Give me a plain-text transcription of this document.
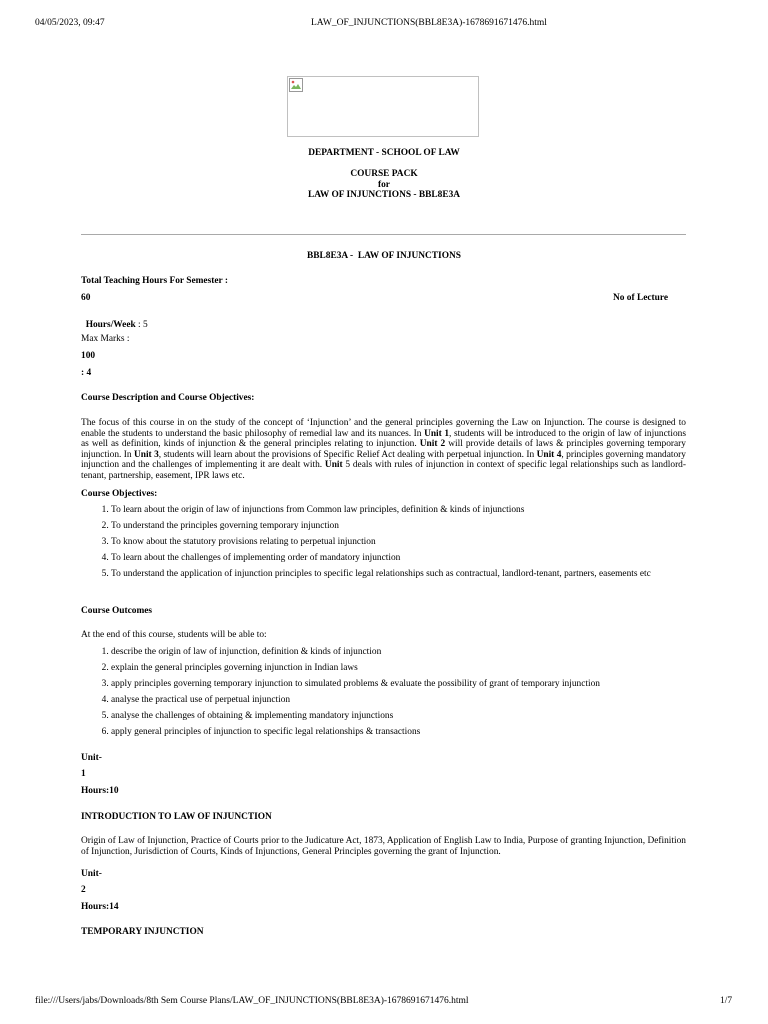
04/05/2023, 09:47	LAW_OF_INJUNCTIONS(BBL8E3A)-1678691671476.html
DEPARTMENT - SCHOOL OF LAW
COURSE PACK
for
LAW OF INJUNCTIONS - BBL8E3A
BBL8E3A -  LAW OF INJUNCTIONS
Total Teaching Hours For Semester :
60	No of Lecture

Hours/Week : 5

Max Marks :
100
: 4
Course Description and Course Objectives:
The focus of this course in on the study of the concept of ‘Injunction’ and the general principles governing the Law on Injunction. The course is designed to enable the students to understand the basic philosophy of remedial law and its nuances. In Unit 1, students will be introduced to the origin of law of injunctions as well as definition, kinds of injunction & the general principles relating to injunction. Unit 2 will provide details of laws & principles governing temporary injunction. In Unit 3, students will learn about the provisions of Specific Relief Act dealing with perpetual injunction. In Unit 4, principles governing mandatory injunction and the challenges of implementing it are dealt with. Unit 5 deals with rules of injunction in context of specific legal relationships such as landlord-tenant, partnership, easement, IPR laws etc.
Course Objectives:
1. To learn about the origin of law of injunctions from Common law principles, definition & kinds of injunctions
2. To understand the principles governing temporary injunction
3. To know about the statutory provisions relating to perpetual injunction
4. To learn about the challenges of implementing order of mandatory injunction
5. To understand the application of injunction principles to specific legal relationships such as contractual, landlord-tenant, partners, easements etc
Course Outcomes
At the end of this course, students will be able to:
1. describe the origin of law of injunction, definition & kinds of injunction
2. explain the general principles governing injunction in Indian laws
3. apply principles governing temporary injunction to simulated problems & evaluate the possibility of grant of temporary injunction
4. analyse the practical use of perpetual injunction
5. analyse the challenges of obtaining & implementing mandatory injunctions
6. apply general principles of injunction to specific legal relationships & transactions
Unit-
1
Hours:10
INTRODUCTION TO LAW OF INJUNCTION
Origin of Law of Injunction, Practice of Courts prior to the Judicature Act, 1873, Application of English Law to India, Purpose of granting Injunction, Definition of Injunction, Jurisdiction of Courts, Kinds of Injunctions, General Principles governing the grant of Injunction.
Unit-
2
Hours:14
TEMPORARY INJUNCTION
file:///Users/jabs/Downloads/8th Sem Course Plans/LAW_OF_INJUNCTIONS(BBL8E3A)-1678691671476.html	1/7
